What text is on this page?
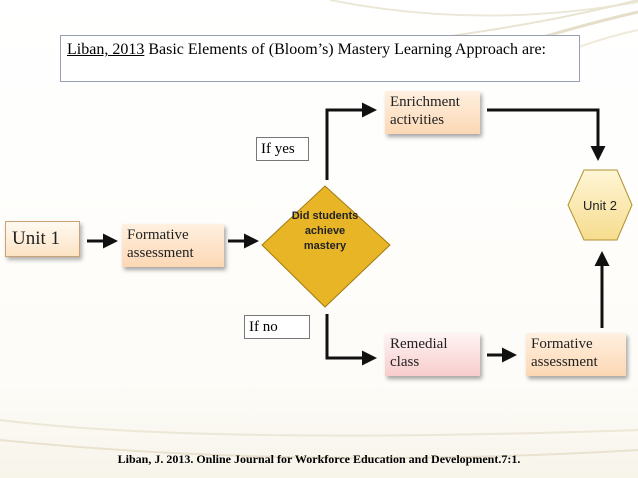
Liban, 2013 Basic Elements of (Bloom’s) Mastery Learning Approach are:
Unit 1	Formative assessment
Did students achieve mastery
Enrichment activities
Remedial class
Formative assessment
Unit 2
If yes
If no
Liban, J. 2013. Online Journal for Workforce Education and Development.7:1.
